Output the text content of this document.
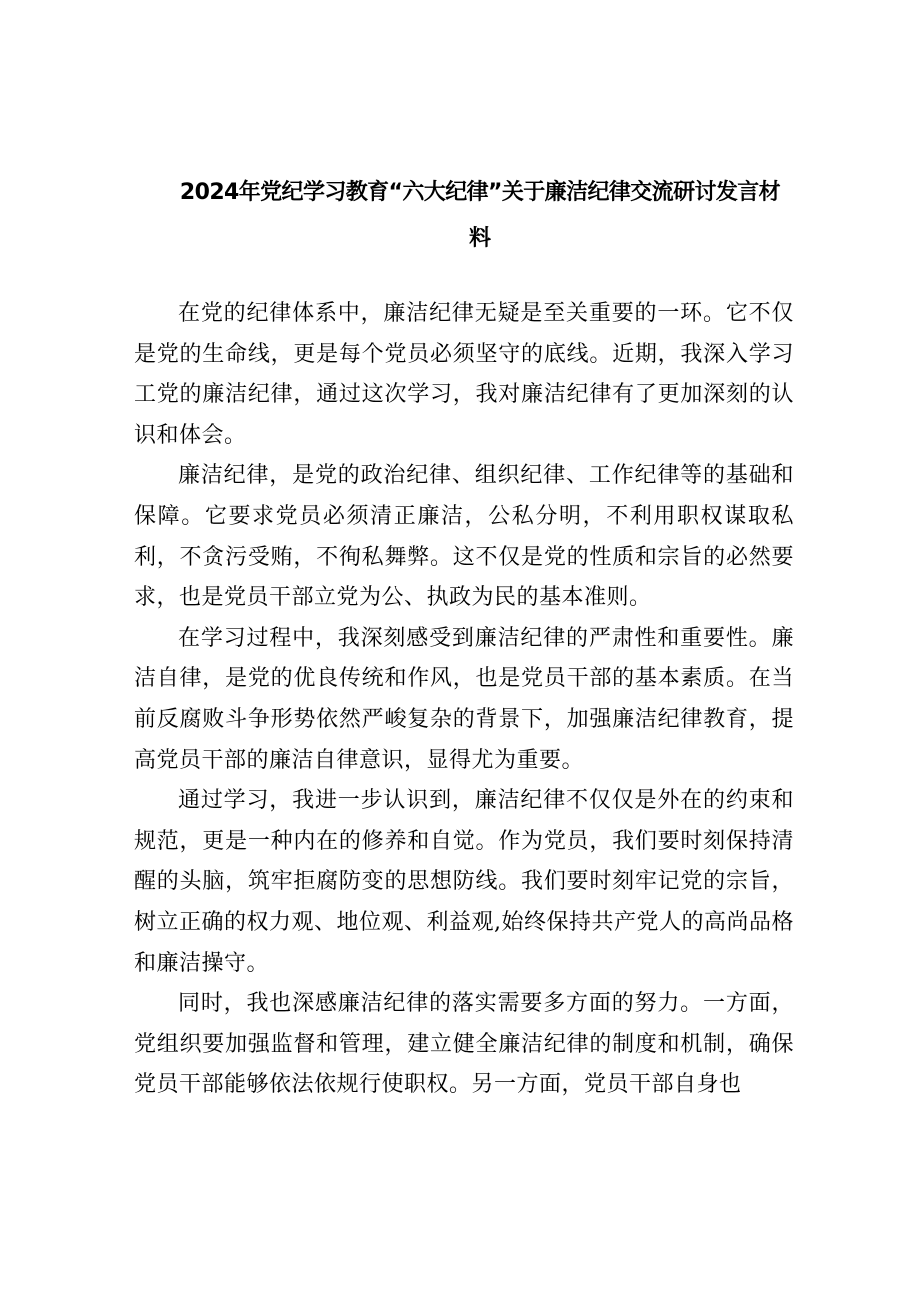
2024年党纪学习教育“六大纪律”关于廉洁纪律交流研讨发言材
料

在党的纪律体系中，廉洁纪律无疑是至关重要的一环。它不仅是党的生命线，更是每个党员必须坚守的底线。近期，我深入学习工党的廉洁纪律，通过这次学习，我对廉洁纪律有了更加深刻的认识和体会。

廉洁纪律，是党的政治纪律、组织纪律、工作纪律等的基础和保障。它要求党员必须清正廉洁，公私分明，不利用职权谋取私利，不贪污受贿，不徇私舞弊。这不仅是党的性质和宗旨的必然要求，也是党员干部立党为公、执政为民的基本准则。

在学习过程中，我深刻感受到廉洁纪律的严肃性和重要性。廉洁自律，是党的优良传统和作风，也是党员干部的基本素质。在当前反腐败斗争形势依然严峻复杂的背景下，加强廉洁纪律教育，提高党员干部的廉洁自律意识，显得尤为重要。

通过学习，我进一步认识到，廉洁纪律不仅仅是外在的约束和规范，更是一种内在的修养和自觉。作为党员，我们要时刻保持清醒的头脑，筑牢拒腐防变的思想防线。我们要时刻牢记党的宗旨，树立正确的权力观、地位观、利益观,始终保持共产党人的高尚品格和廉洁操守。

同时，我也深感廉洁纪律的落实需要多方面的努力。一方面，党组织要加强监督和管理，建立健全廉洁纪律的制度和机制，确保党员干部能够依法依规行使职权。另一方面，党员干部自身也
